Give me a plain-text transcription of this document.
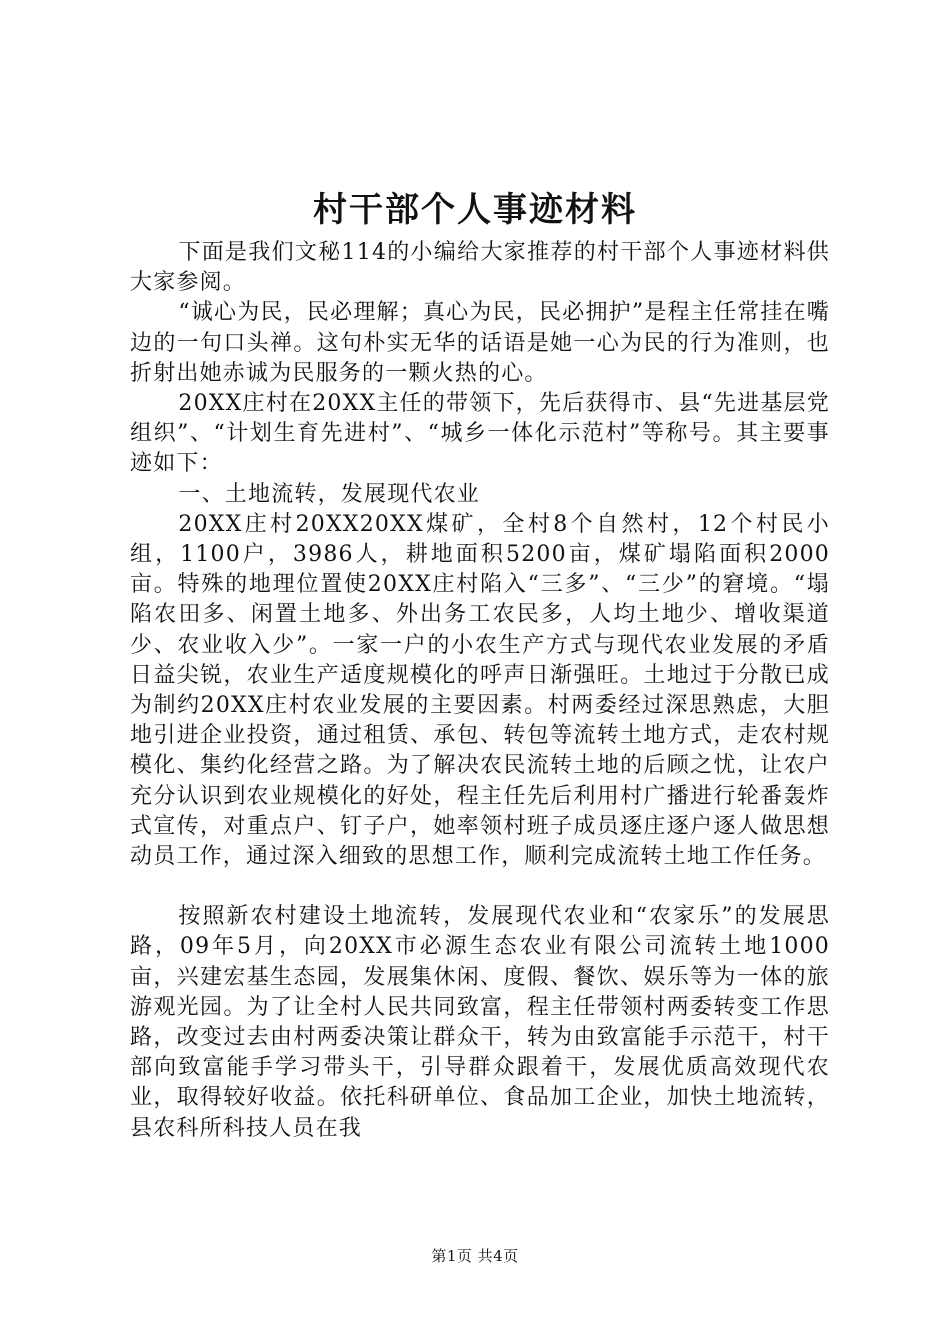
村干部个人事迹材料

下面是我们文秘114的小编给大家推荐的村干部个人事迹材料供大家参阅。

“诚心为民，民必理解；真心为民，民必拥护”是程主任常挂在嘴边的一句口头禅。这句朴实无华的话语是她一心为民的行为准则，也折射出她赤诚为民服务的一颗火热的心。

20XX庄村在20XX主任的带领下，先后获得市、县“先进基层党组织”、“计划生育先进村”、“城乡一体化示范村”等称号。其主要事迹如下：

一、土地流转，发展现代农业

20XX庄村20XX20XX煤矿，全村8个自然村，12个村民小组，1100户，3986人，耕地面积5200亩，煤矿塌陷面积2000亩。特殊的地理位置使20XX庄村陷入“三多”、“三少”的窘境。“塌陷农田多、闲置土地多、外出务工农民多，人均土地少、增收渠道少、农业收入少”。一家一户的小农生产方式与现代农业发展的矛盾日益尖锐，农业生产适度规模化的呼声日渐强旺。土地过于分散已成为制约20XX庄村农业发展的主要因素。村两委经过深思熟虑，大胆地引进企业投资，通过租赁、承包、转包等流转土地方式，走农村规模化、集约化经营之路。为了解决农民流转土地的后顾之忧，让农户充分认识到农业规模化的好处，程主任先后利用村广播进行轮番轰炸式宣传，对重点户、钉子户，她率领村班子成员逐庄逐户逐人做思想动员工作，通过深入细致的思想工作，顺利完成流转土地工作任务。

按照新农村建设土地流转，发展现代农业和“农家乐”的发展思路，09年5月，向20XX市必源生态农业有限公司流转土地1000亩，兴建宏基生态园，发展集休闲、度假、餐饮、娱乐等为一体的旅游观光园。为了让全村人民共同致富，程主任带领村两委转变工作思路，改变过去由村两委决策让群众干，转为由致富能手示范干，村干部向致富能手学习带头干，引导群众跟着干，发展优质高效现代农业，取得较好收益。依托科研单位、食品加工企业，加快土地流转，县农科所科技人员在我

第1页 共4页
